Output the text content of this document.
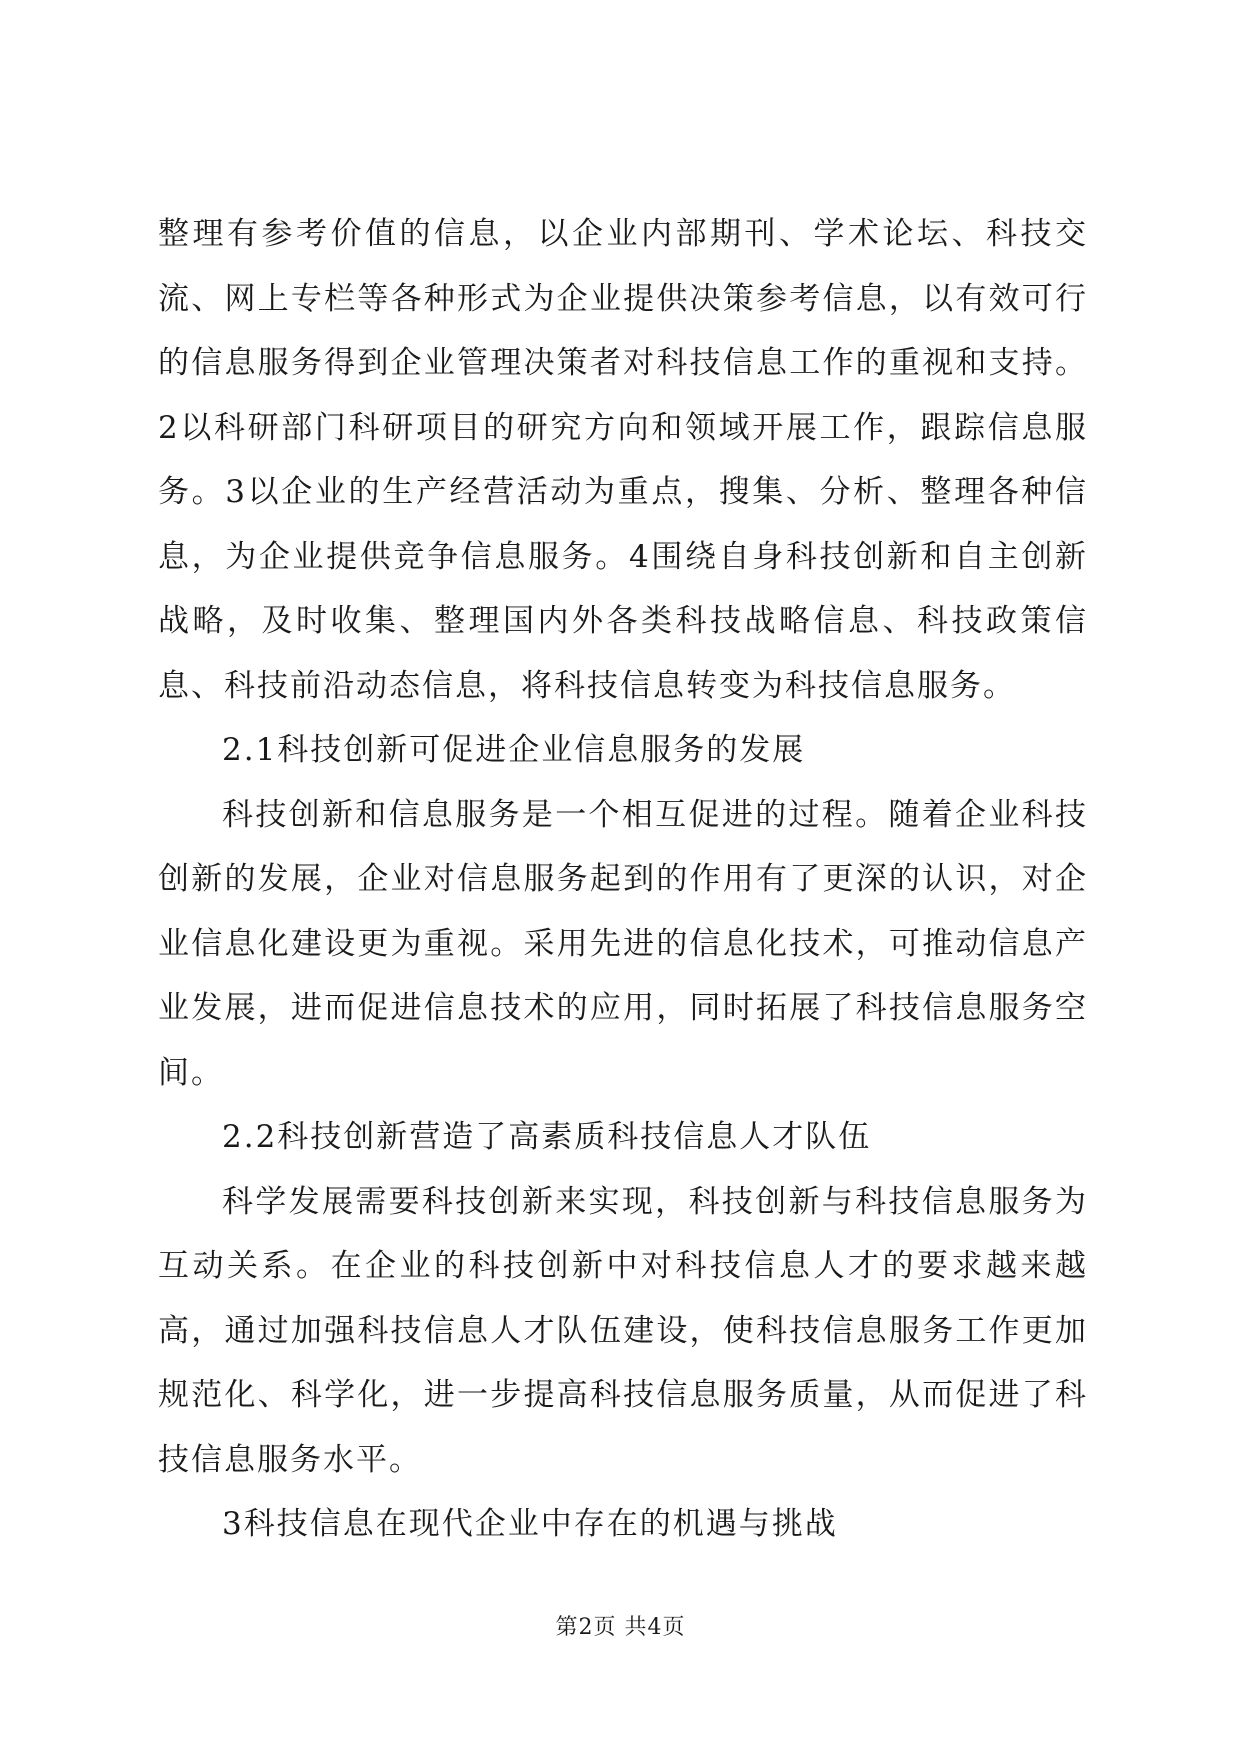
整理有参考价值的信息，以企业内部期刊、学术论坛、科技交流、网上专栏等各种形式为企业提供决策参考信息，以有效可行的信息服务得到企业管理决策者对科技信息工作的重视和支持。2以科研部门科研项目的研究方向和领域开展工作，跟踪信息服务。3以企业的生产经营活动为重点，搜集、分析、整理各种信息，为企业提供竞争信息服务。4围绕自身科技创新和自主创新战略，及时收集、整理国内外各类科技战略信息、科技政策信息、科技前沿动态信息，将科技信息转变为科技信息服务。

2.1科技创新可促进企业信息服务的发展

科技创新和信息服务是一个相互促进的过程。随着企业科技创新的发展，企业对信息服务起到的作用有了更深的认识，对企业信息化建设更为重视。采用先进的信息化技术，可推动信息产业发展，进而促进信息技术的应用，同时拓展了科技信息服务空间。

2.2科技创新营造了高素质科技信息人才队伍

科学发展需要科技创新来实现，科技创新与科技信息服务为互动关系。在企业的科技创新中对科技信息人才的要求越来越高，通过加强科技信息人才队伍建设，使科技信息服务工作更加规范化、科学化，进一步提高科技信息服务质量，从而促进了科技信息服务水平。

3科技信息在现代企业中存在的机遇与挑战

第2页 共4页
